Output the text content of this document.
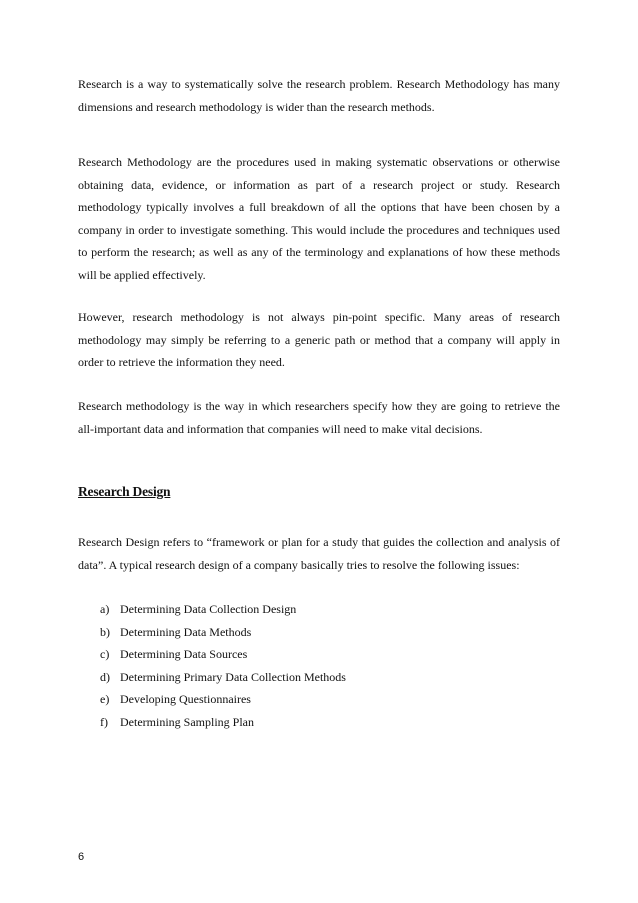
Research is a way to systematically solve the research problem. Research Methodology has many dimensions and research methodology is wider than the research methods.

Research Methodology are the procedures used in making systematic observations or otherwise obtaining data, evidence, or information as part of a research project or study. Research methodology typically involves a full breakdown of all the options that have been chosen by a company in order to investigate something. This would include the procedures and techniques used to perform the research; as well as any of the terminology and explanations of how these methods will be applied effectively.

However, research methodology is not always pin-point specific. Many areas of research methodology may simply be referring to a generic path or method that a company will apply in order to retrieve the information they need.

Research methodology is the way in which researchers specify how they are going to retrieve the all-important data and information that companies will need to make vital decisions.

Research Design

Research Design refers to “framework or plan for a study that guides the collection and analysis of data”. A typical research design of a company basically tries to resolve the following issues:

a) Determining Data Collection Design
b) Determining Data Methods
c) Determining Data Sources
d) Determining Primary Data Collection Methods
e) Developing Questionnaires
f)	Determining Sampling Plan
6
